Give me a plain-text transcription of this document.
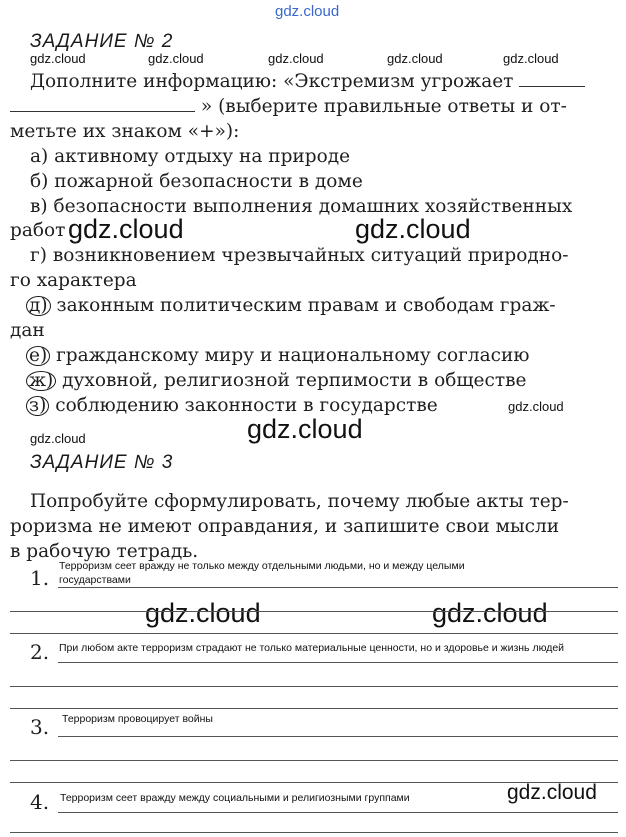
gdz.cloud
gdz.cloud	gdz.cloud	gdz.cloud	gdz.cloud	gdz.cloud
gdz.cloud	gdz.cloud
gdz.cloud
gdz.cloud	gdz.cloud
gdz.cloud	gdz.cloud
gdz.cloud
ЗАДАНИЕ № 2
Дополните информацию: «Экстремизм угрожает
» (выберите правильные ответы и от-
метьте их знаком «+»):
а) активному отдыху на природе
б) пожарной безопасности в доме
в) безопасности выполнения домашних хозяйственных
работ
г) возникновением чрезвычайных ситуаций природно-
го характера
д) законным политическим правам и свободам граж-
дан
е) гражданскому миру и национальному согласию
ж) духовной, религиозной терпимости в обществе
з) соблюдению законности в государстве
ЗАДАНИЕ № 3
Попробуйте сформулировать, почему любые акты тер-
роризма не имеют оправдания, и запишите свои мысли
в рабочую тетрадь.
1. Терроризм сеет вражду не только между отдельными людьми, но и между целыми государствами
2. При любом акте терроризм страдают не только материальные ценности, но и здоровье и жизнь людей
3. Терроризм провоцирует войны
4. Терроризм сеет вражду между социальными и религиозными группами
